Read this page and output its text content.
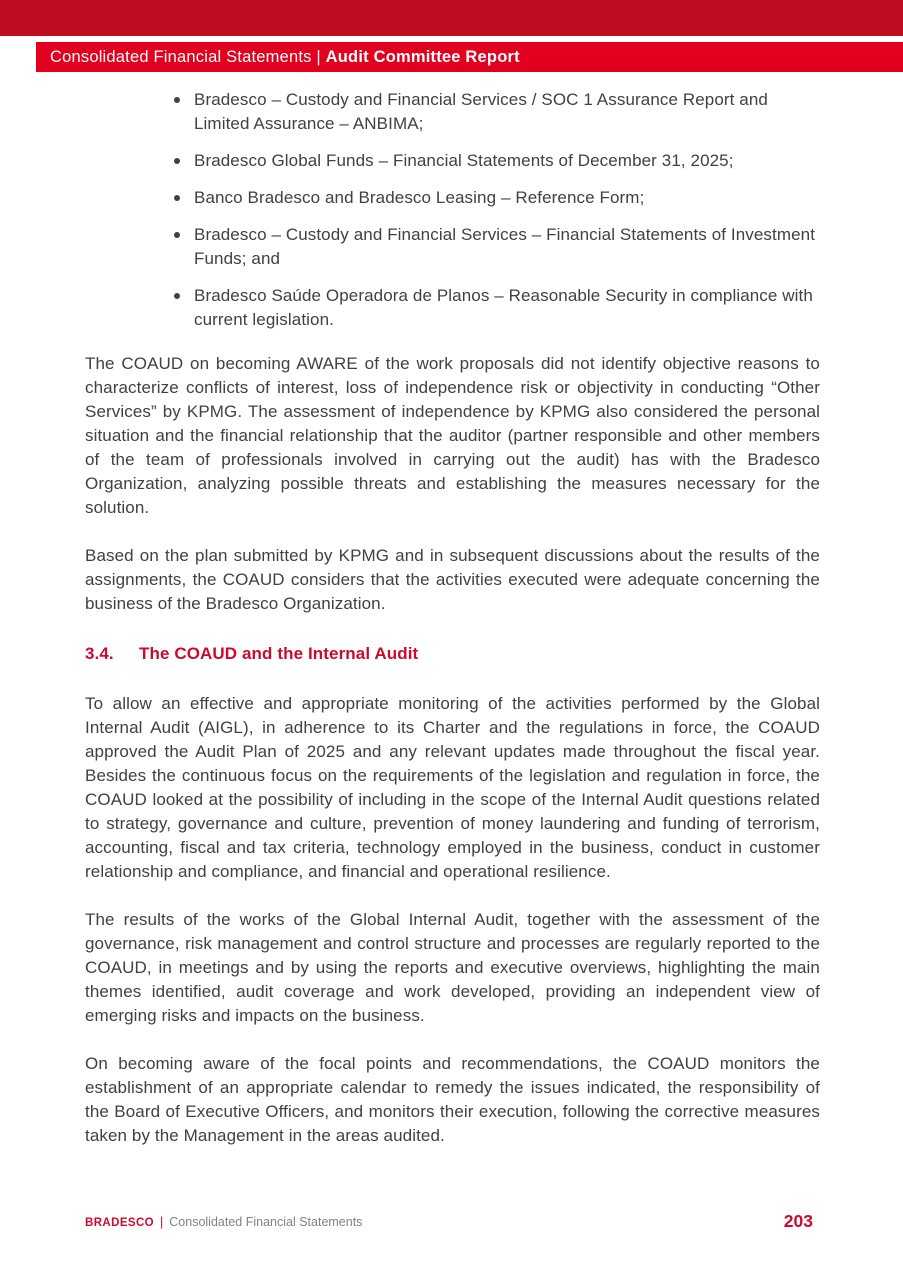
Consolidated Financial Statements | Audit Committee Report
Bradesco – Custody and Financial Services / SOC 1 Assurance Report and Limited Assurance – ANBIMA;
Bradesco Global Funds – Financial Statements of December 31, 2025;
Banco Bradesco and Bradesco Leasing – Reference Form;
Bradesco – Custody and Financial Services – Financial Statements of Investment Funds; and
Bradesco Saúde Operadora de Planos – Reasonable Security in compliance with current legislation.

The COAUD on becoming AWARE of the work proposals did not identify objective reasons to characterize conflicts of interest, loss of independence risk or objectivity in conducting “Other Services” by KPMG. The assessment of independence by KPMG also considered the personal situation and the financial relationship that the auditor (partner responsible and other members of the team of professionals involved in carrying out the audit) has with the Bradesco Organization, analyzing possible threats and establishing the measures necessary for the solution.

Based on the plan submitted by KPMG and in subsequent discussions about the results of the assignments, the COAUD considers that the activities executed were adequate concerning the business of the Bradesco Organization.

3.4. The COAUD and the Internal Audit

To allow an effective and appropriate monitoring of the activities performed by the Global Internal Audit (AIGL), in adherence to its Charter and the regulations in force, the COAUD approved the Audit Plan of 2025 and any relevant updates made throughout the fiscal year. Besides the continuous focus on the requirements of the legislation and regulation in force, the COAUD looked at the possibility of including in the scope of the Internal Audit questions related to strategy, governance and culture, prevention of money laundering and funding of terrorism, accounting, fiscal and tax criteria, technology employed in the business, conduct in customer relationship and compliance, and financial and operational resilience.

The results of the works of the Global Internal Audit, together with the assessment of the governance, risk management and control structure and processes are regularly reported to the COAUD, in meetings and by using the reports and executive overviews, highlighting the main themes identified, audit coverage and work developed, providing an independent view of emerging risks and impacts on the business.

On becoming aware of the focal points and recommendations, the COAUD monitors the establishment of an appropriate calendar to remedy the issues indicated, the responsibility of the Board of Executive Officers, and monitors their execution, following the corrective measures taken by the Management in the areas audited.

BRADESCO | Consolidated Financial Statements	203
